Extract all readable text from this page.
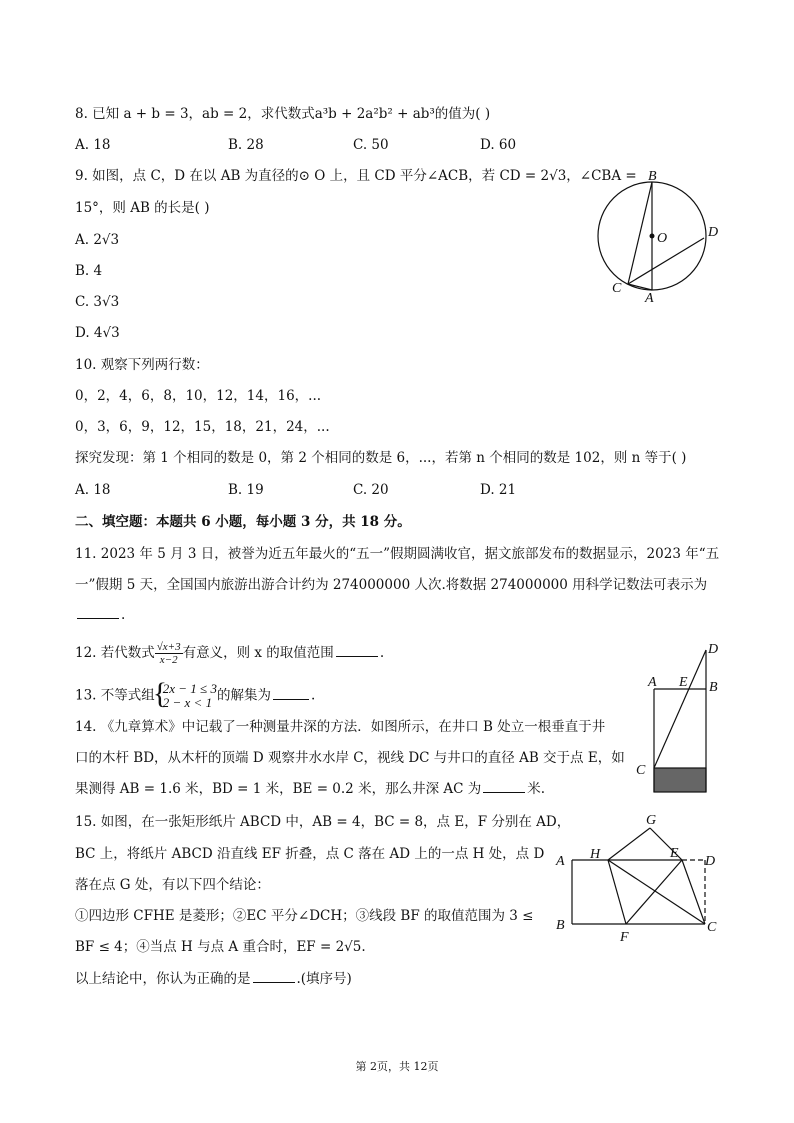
8. 已知 a + b = 3，ab = 2，求代数式a³b + 2a²b² + ab³的值为( )
A. 18	B. 28	C. 50	D. 60
9. 如图，点 C，D 在以 AB 为直径的⊙ O 上，且 CD 平分∠ACB，若 CD = 2√3，∠CBA =
15°，则 AB 的长是( )
A. 2√3
B. 4
C. 3√3
D. 4√3
B
O	D
C
A
10. 观察下列两行数：
0，2，4，6，8，10，12，14，16，...
0，3，6，9，12，15，18，21，24，...
探究发现：第 1 个相同的数是 0，第 2 个相同的数是 6，...，若第 n 个相同的数是 102，则 n 等于( )
A. 18	B. 19	C. 20	D. 21
二、填空题：本题共 6 小题，每小题 3 分，共 18 分。
11. 2023 年 5 月 3 日，被誉为近五年最火的“五一”假期圆满收官，据文旅部发布的数据显示，2023 年“五
一”假期 5 天，全国国内旅游出游合计约为 274000000 人次.将数据 274000000 用科学记数法可表示为
.
12. 若代数式 $\frac{√x+3}{x-2}$ 有意义，则 x 的取值范围	.
13. 不等式组
{ 2x − 1 ≤ 3
2 − x < 1 的解集为	.
14. 《九章算术》中记载了一种测量井深的方法．如图所示，在井口 B 处立一根垂直于井
口的木杆 BD，从木杆的顶端 D 观察井水水岸 C，视线 DC 与井口的直径 AB 交于点 E，如
果测得 AB = 1.6 米，BD = 1 米，BE = 0.2 米，那么井深 AC 为	米.
D
A E B
C
15. 如图，在一张矩形纸片 ABCD 中，AB = 4，BC = 8，点 E，F 分别在 AD，
BC 上，将纸片 ABCD 沿直线 EF 折叠，点 C 落在 AD 上的一点 H 处，点 D
落在点 G 处，有以下四个结论：
①四边形 CFHE 是菱形；②EC 平分∠DCH；③线段 BF 的取值范围为 3 ≤
BF ≤ 4；④当点 H 与点 A 重合时，EF = 2√5.
以上结论中，你认为正确的是	.(填序号)
G
A H	E
D
B
F
C
第 2页，共 12页
